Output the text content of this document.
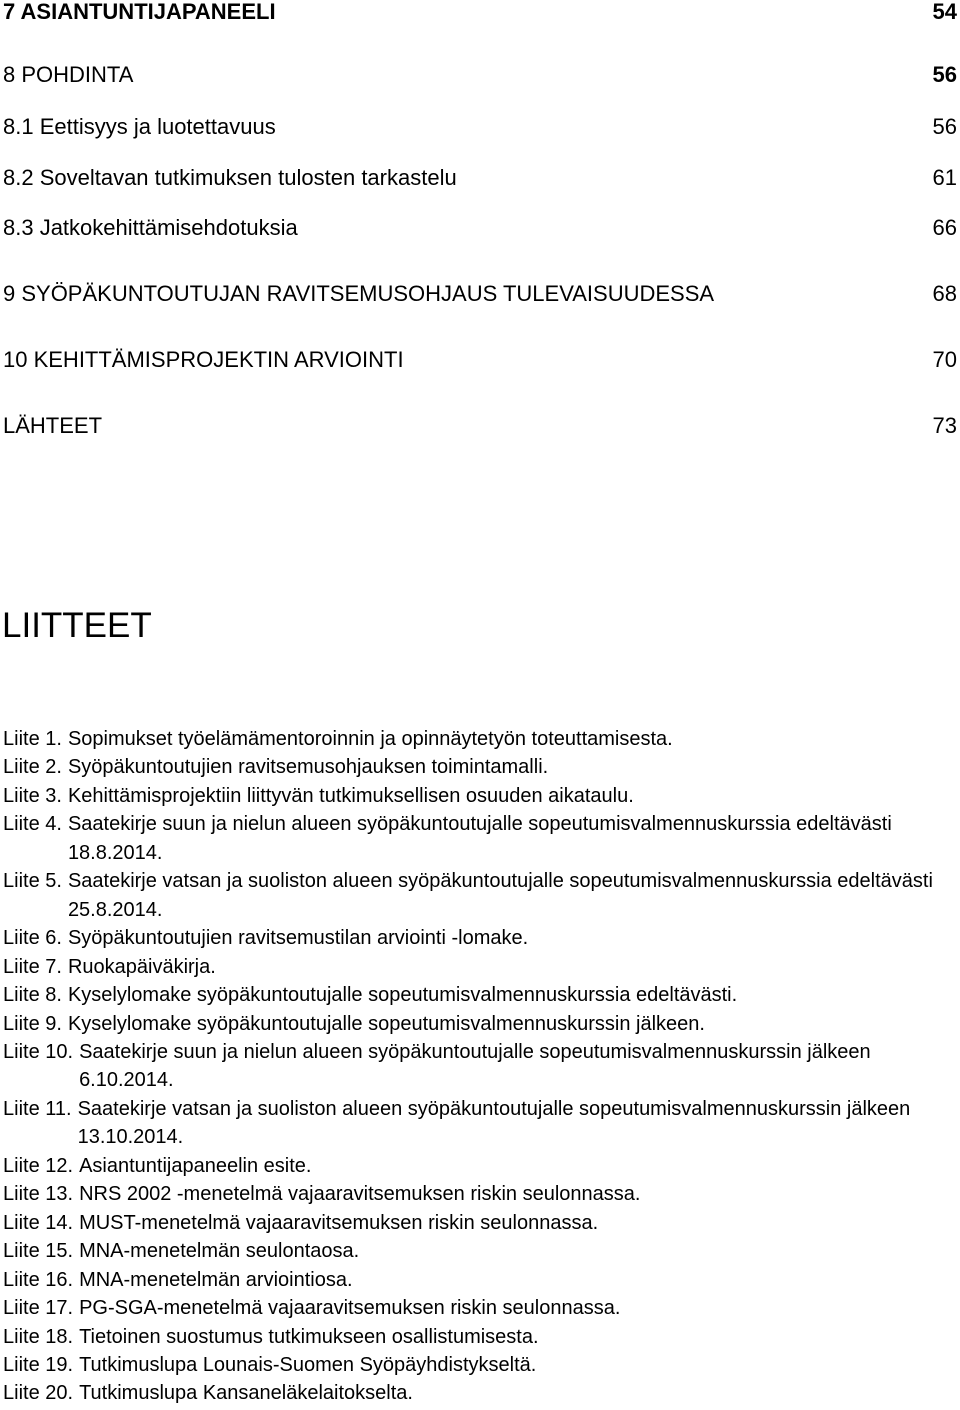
7 ASIANTUNTIJAPANEELI	54
8 POHDINTA	56
8.1 Eettisyys ja luotettavuus	56
8.2 Soveltavan tutkimuksen tulosten tarkastelu	61
8.3 Jatkokehittämisehdotuksia	66
9 SYÖPÄKUNTOUTUJAN RAVITSEMUSOHJAUS TULEVAISUUDESSA	68
10 KEHITTÄMISPROJEKTIN ARVIOINTI	70
LÄHTEET	73
LIITTEET
Liite 1. Sopimukset työelämämentoroinnin ja opinnäytetyön toteuttamisesta.
Liite 2. Syöpäkuntoutujien ravitsemusohjauksen toimintamalli.
Liite 3. Kehittämisprojektiin liittyvän tutkimuksellisen osuuden aikataulu.
Liite 4. Saatekirje suun ja nielun alueen syöpäkuntoutujalle sopeutumisvalmennuskurssia edeltävästi 18.8.2014.
Liite 5. Saatekirje vatsan ja suoliston alueen syöpäkuntoutujalle sopeutumisvalmennuskurssia edeltävästi 25.8.2014.
Liite 6. Syöpäkuntoutujien ravitsemustilan arviointi -lomake.
Liite 7. Ruokapäiväkirja.
Liite 8. Kyselylomake syöpäkuntoutujalle sopeutumisvalmennuskurssia edeltävästi.
Liite 9. Kyselylomake syöpäkuntoutujalle sopeutumisvalmennuskurssin jälkeen.
Liite 10. Saatekirje suun ja nielun alueen syöpäkuntoutujalle sopeutumisvalmennuskurssin jälkeen 6.10.2014.
Liite 11. Saatekirje vatsan ja suoliston alueen syöpäkuntoutujalle sopeutumisvalmennuskurssin jälkeen 13.10.2014.
Liite 12. Asiantuntijapaneelin esite.
Liite 13. NRS 2002 -menetelmä vajaaravitsemuksen riskin seulonnassa.
Liite 14. MUST-menetelmä vajaaravitsemuksen riskin seulonnassa.
Liite 15. MNA-menetelmän seulontaosa.
Liite 16. MNA-menetelmän arviointiosa.
Liite 17. PG-SGA-menetelmä vajaaravitsemuksen riskin seulonnassa.
Liite 18. Tietoinen suostumus tutkimukseen osallistumisesta.
Liite 19. Tutkimuslupa Lounais-Suomen Syöpäyhdistykseltä.
Liite 20. Tutkimuslupa Kansaneläkelaitokselta.
